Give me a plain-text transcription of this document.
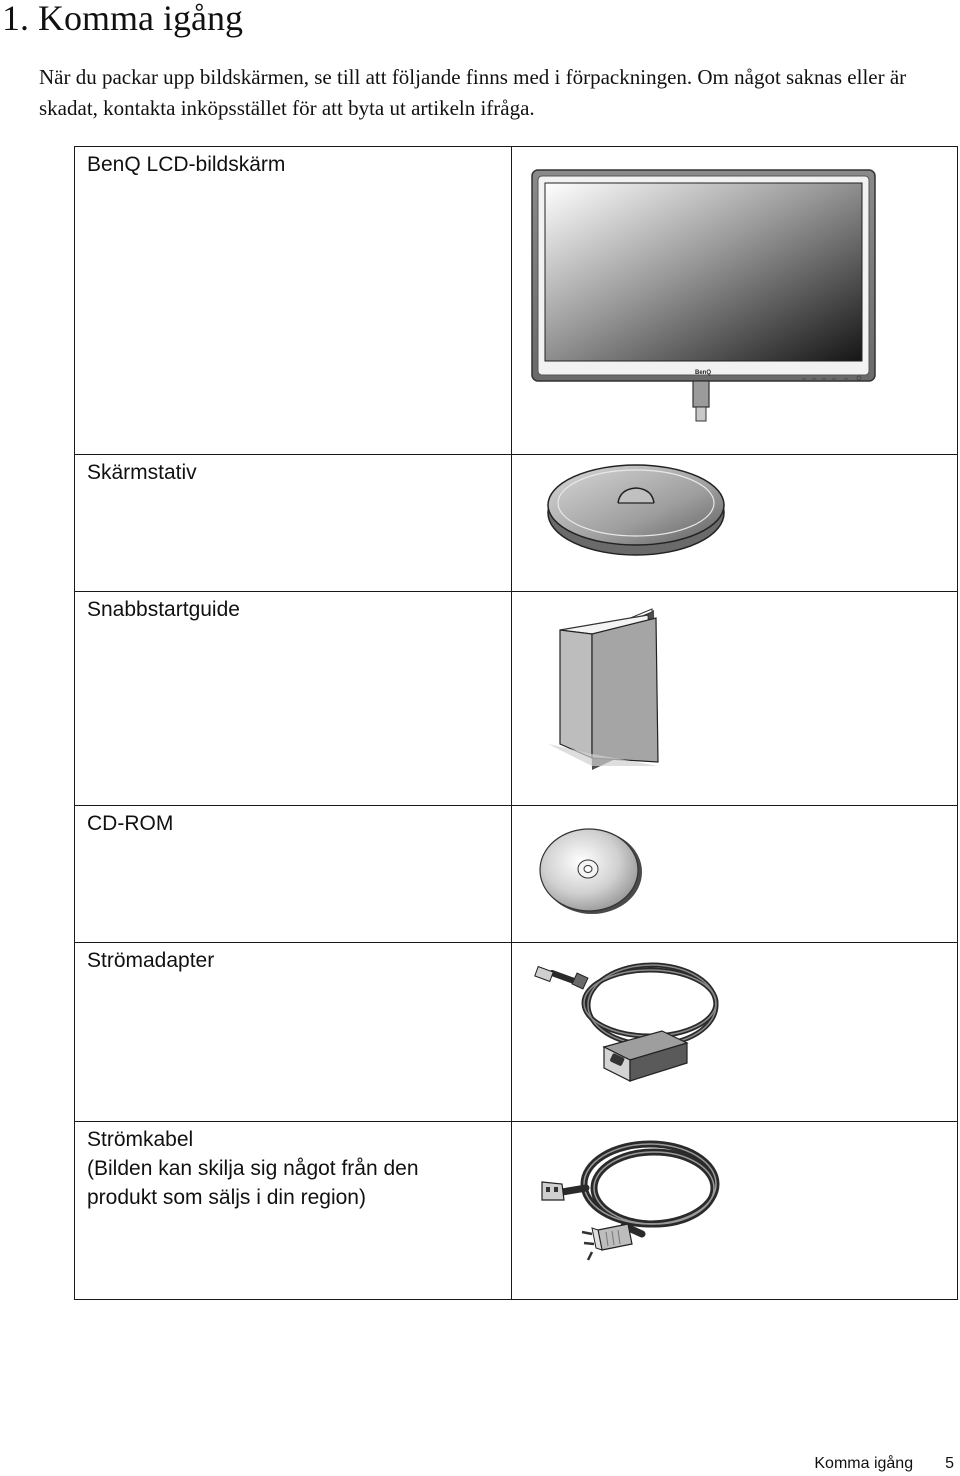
1. Komma igång

När du packar upp bildskärmen, se till att följande finns med i förpackningen. Om något saknas eller är skadat, kontakta inköpsstället för att byta ut artikeln ifråga.

BenQ LCD-bildskärm	BenQ

Skärmstativ

Snabbstartguide

CD-ROM

Strömadapter

Strömkabel
(Bilden kan skilja sig något från den
produkt som säljs i din region)

Komma igång 5
